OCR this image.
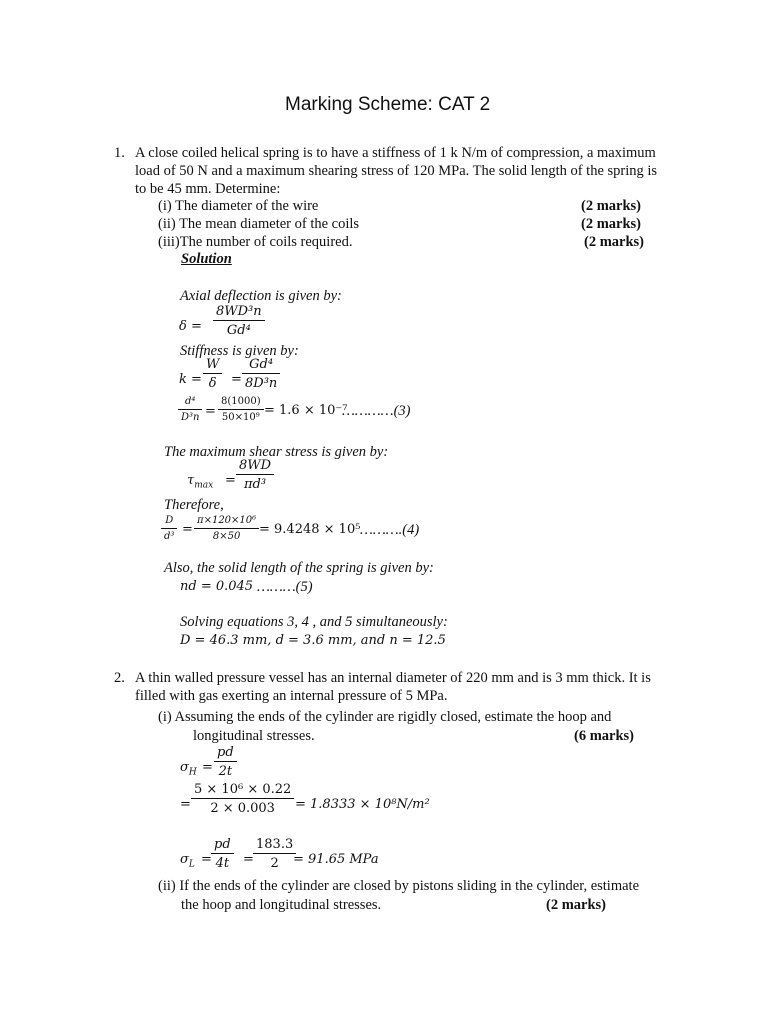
Marking Scheme: CAT 2
1. A close coiled helical spring is to have a stiffness of 1 k N/m of compression, a maximum
load of 50 N and a maximum shearing stress of 120 MPa. The solid length of the spring is
to be 45 mm. Determine:
(i) The diameter of the wire	(2 marks)
(ii) The mean diameter of the coils	(2 marks)
(iii)The number of coils required.	(2 marks)
Solution
Axial deflection is given by:
$\delta = \frac{\text{8WD³n}}{\text{Gd⁴}}$
Stiffness is given by:
$k = \frac{W}{\delta} = \frac{\text{Gd⁴}}{\text{8D³n}}$
$\frac{\text{d⁴}}{\text{D³n}} = \frac{8(1000)}{\text{50×10⁹}} = 1.6 \times 10^{-7}$
…………(3)
The maximum shear stress is given by:
$\tau_{max} = \frac{8WD}{\text{πd³}}$
Therefore,
$\frac{D}{\text{d³}} = \frac{\text{π×120×10⁶}}{8\times 50} = 9.4248 \times 10^5$ ……….(4)
Also, the solid length of the spring is given by:
nd = 0.045 ………(5)
Solving equations 3, 4 , and 5 simultaneously:
D = 46.3 mm, d = 3.6 mm, and n = 12.5
2. A thin walled pressure vessel has an internal diameter of 220 mm and is 3 mm thick. It is
filled with gas exerting an internal pressure of 5 MPa.
(i) Assuming the ends of the cylinder are rigidly closed, estimate the hoop and
longitudinal stresses.	(6 marks)
$\sigma_H = \frac{pd}{2t}$
= $\frac{\text{5 × 10⁶ × 0.22}}{2 \times 0.003} = 1.8333 \times 10^8N/m^2$
$\sigma_L = \frac{pd}{4t} = \frac{183.3}{2}$
= 91.65 MPa
(ii) If the ends of the cylinder are closed by pistons sliding in the cylinder, estimate
the hoop and longitudinal stresses.	(2 marks)
